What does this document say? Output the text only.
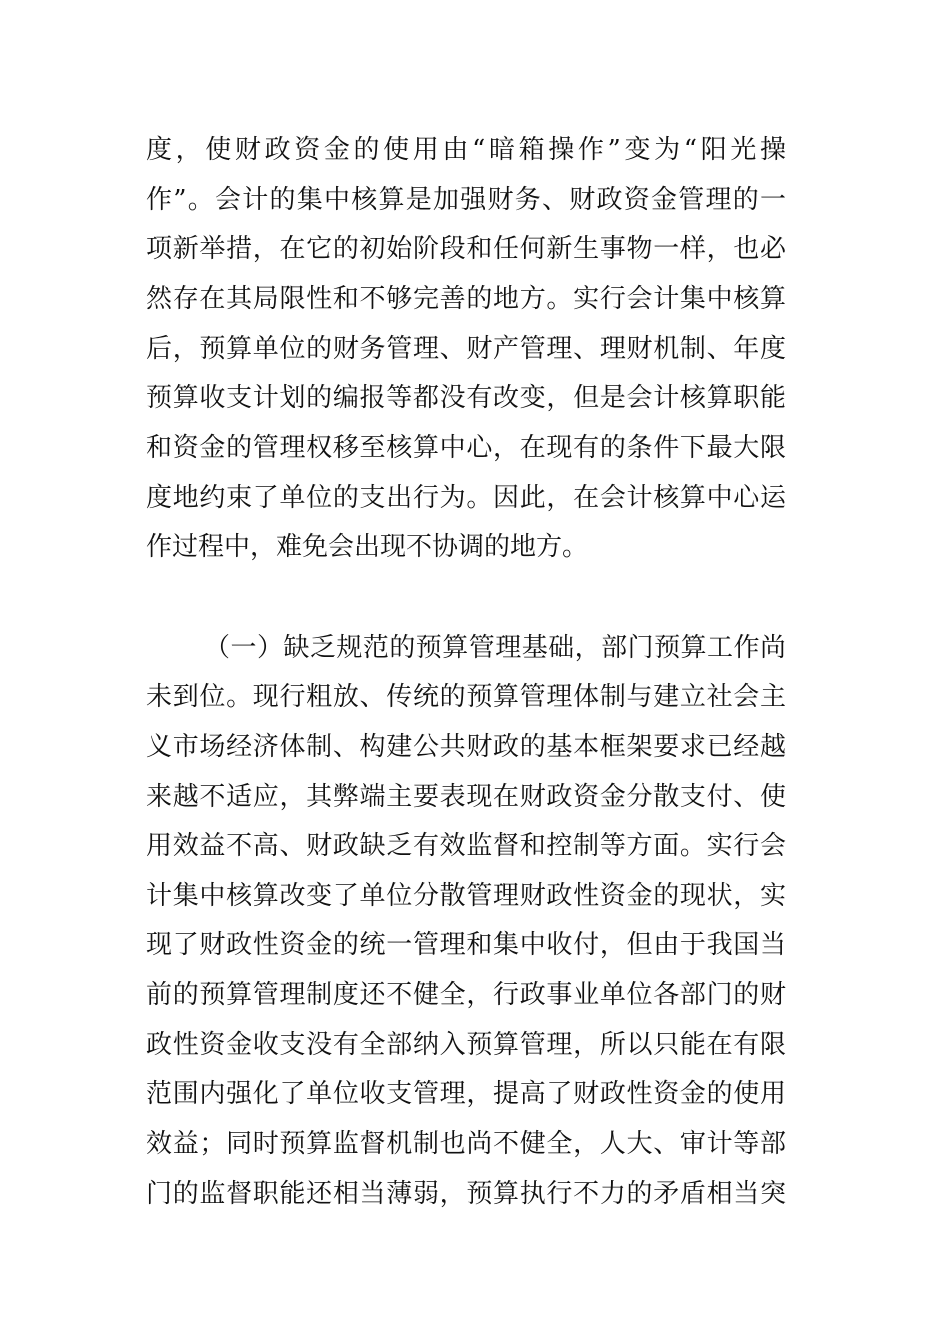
度，使财政资金的使用由“暗箱操作”变为“阳光操
作”。会计的集中核算是加强财务、财政资金管理的一
项新举措，在它的初始阶段和任何新生事物一样，也必
然存在其局限性和不够完善的地方。实行会计集中核算
后，预算单位的财务管理、财产管理、理财机制、年度
预算收支计划的编报等都没有改变，但是会计核算职能
和资金的管理权移至核算中心，在现有的条件下最大限
度地约束了单位的支出行为。因此，在会计核算中心运
作过程中，难免会出现不协调的地方。
（一）缺乏规范的预算管理基础，部门预算工作尚
未到位。现行粗放、传统的预算管理体制与建立社会主
义市场经济体制、构建公共财政的基本框架要求已经越
来越不适应，其弊端主要表现在财政资金分散支付、使
用效益不高、财政缺乏有效监督和控制等方面。实行会
计集中核算改变了单位分散管理财政性资金的现状，实
现了财政性资金的统一管理和集中收付，但由于我国当
前的预算管理制度还不健全，行政事业单位各部门的财
政性资金收支没有全部纳入预算管理，所以只能在有限
范围内强化了单位收支管理，提高了财政性资金的使用
效益；同时预算监督机制也尚不健全，人大、审计等部
门的监督职能还相当薄弱，预算执行不力的矛盾相当突
